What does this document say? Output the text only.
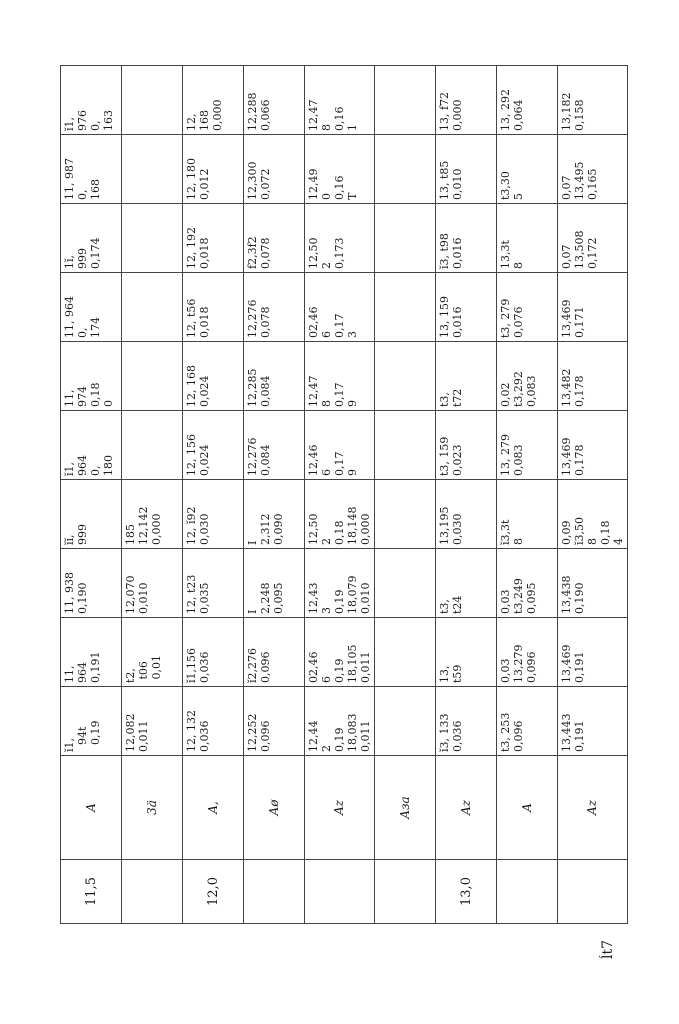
11,5	A	ĭ1,
94t
0,19	11,
964
0,191	11, 938
0,190	ĭĭ,
999	ĭ1,
964
0,
180	11,
974
0,18
0	11, 964
0,
174	1ĭ,
999
0,174	11, 987
0,
168	ĭ1,
976
0,
163
	3ä	12,082
0,011	t2,
t06
0,01	12,070
0,010	185
12,142
0,000						
12,0	A,	12, 132
0,036	ĭ1,156
0,036	12, t23
0,035	12, ĭ92
0,030	12, 156
0,024	12, 168
0,024	12, t56
0,018	12, 192
0,018	12, 180
0,012	12,
168
0,000
	Aø	12,252
0,096	ĭ2,276
0,096	I
2,248
0,095	I
2,312
0,090	12,276
0,084	12,285
0,084	12,276
0,078	f2,3f2
0,078	12,300
0,072	12,288
0,066
	Az	12,44
2
0,19
18,083
0,011	02,46
6
0,19
18,105
0,011	12,43
3
0,19
18,079
0,010	12,50
2
0,18
18,148
0,000	12,46
6
0,17
9	12,47
8
0,17
9	02,46
6
0,17
3	12,50
2
0,173	12,49
0
0,16
T	12,47
8
0,16
1
	Aзa										
13,0	Az	ĭ3, 133
0,036	13,
t59	t3,
t24	13,195
0,030	t3, 159
0,023	t3,
t72	13, 159
0,016	ĭ3, t98
0,016	13, t85
0,010	13, f72
0,000
	A	t3, 253
0,096	0,03
13,279
0,096	0,03
t3,249
0,095	ĭ3,3t
8	13, 279
0,083	0,02
t3,292
0,083	t3, 279
0,076	13,3t
8	t3,30
5	13, 292
0,064
	Az	13,443
0,191	13,469
0,191	13,438
0,190	0,09
ĭ3,50
8
0,18
4	13,469
0,178	13,482
0,178	13,469
0,171	0,07
13,508
0,172	0,07
13,495
0,165	13,182
0,158
ĺt7
